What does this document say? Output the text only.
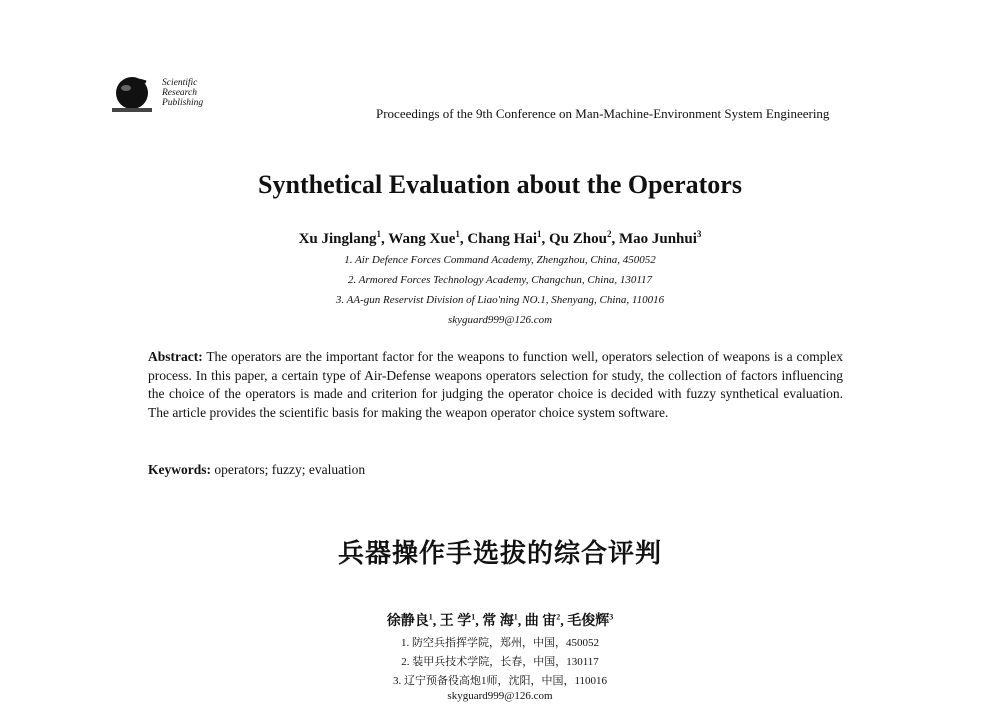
Scientific
Research
Publishing
Proceedings of the 9th Conference on Man-Machine-Environment System Engineering
Synthetical Evaluation about the Operators
Xu Jinglang$^1$, Wang Xue$^1$, Chang Hai$^1$, Qu Zhou$^2$, Mao Junhui$^3$
1. Air Defence Forces Command Academy, Zhengzhou, China, 450052
2. Armored Forces Technology Academy, Changchun, China, 130117
3. AA-gun Reservist Division of Liao'ning NO.1, Shenyang, China, 110016
skyguard999@126.com
Abstract: The operators are the important factor for the weapons to function well, operators selection of weapons is a complex process. In this paper, a certain type of Air-Defense weapons operators selection for study, the collection of factors influencing the choice of the operators is made and criterion for judging the operator choice is decided with fuzzy synthetical evaluation. The article provides the scientific basis for making the weapon operator choice system software.
Keywords: operators; fuzzy; evaluation
兵器操作手选拔的综合评判
徐静良$^1$, 王 学$^1$, 常 海$^1$, 曲 宙$^2$, 毛俊辉$^3$
1. 防空兵指挥学院，郑州，中国，450052
2. 装甲兵技术学院，长春，中国，130117
3. 辽宁预备役高炮1师，沈阳，中国，110016
skyguard999@126.com
